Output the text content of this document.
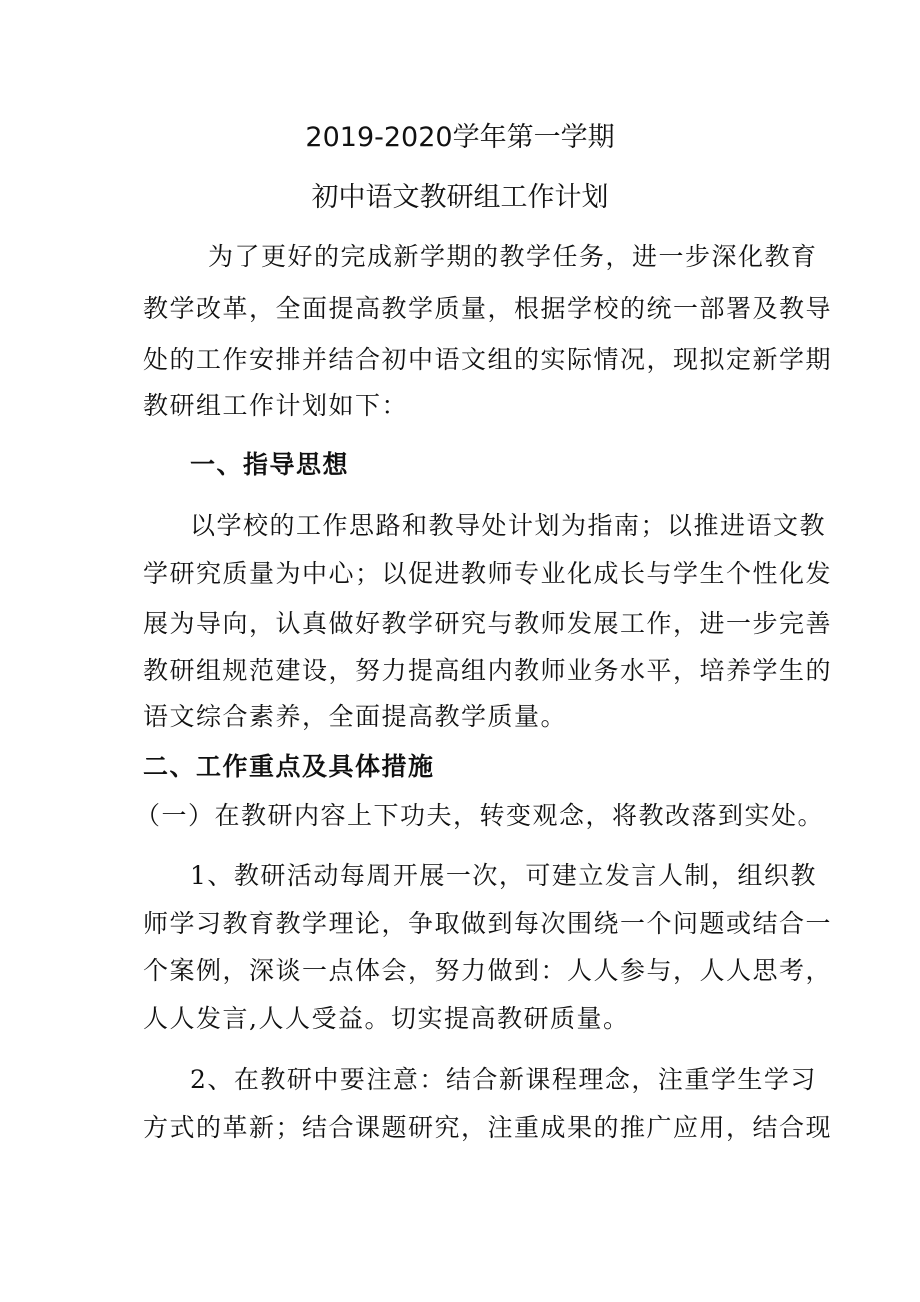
2019-2020学年第一学期
初中语文教研组工作计划
为了更好的完成新学期的教学任务，进一步深化教育
教学改革，全面提高教学质量，根据学校的统一部署及教导
处的工作安排并结合初中语文组的实际情况，现拟定新学期
教研组工作计划如下：
一、指导思想
以学校的工作思路和教导处计划为指南；以推进语文教
学研究质量为中心；以促进教师专业化成长与学生个性化发
展为导向，认真做好教学研究与教师发展工作，进一步完善
教研组规范建设，努力提高组内教师业务水平，培养学生的
语文综合素养，全面提高教学质量。
二、工作重点及具体措施
（一）在教研内容上下功夫，转变观念，将教改落到实处。
1、教研活动每周开展一次，可建立发言人制，组织教
师学习教育教学理论，争取做到每次围绕一个问题或结合一
个案例，深谈一点体会，努力做到：人人参与，人人思考，
人人发言,人人受益。切实提高教研质量。
2、在教研中要注意：结合新课程理念，注重学生学习
方式的革新；结合课题研究，注重成果的推广应用，结合现
